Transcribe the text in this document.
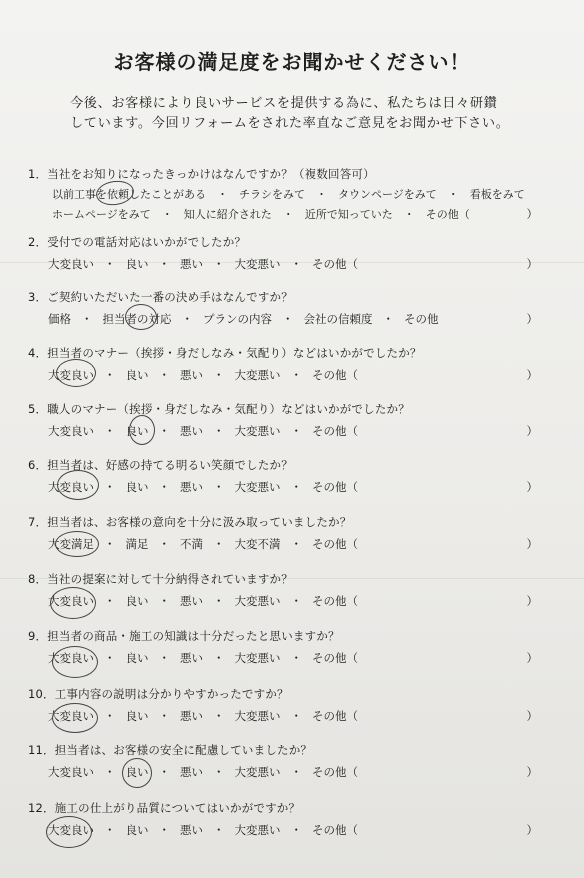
お客様の満足度をお聞かせください！
今後、お客様により良いサービスを提供する為に、私たちは日々研鑽
しています。今回リフォームをされた率直なご意見をお聞かせ下さい。
1．当社をお知りになったきっかけはなんですか？（複数回答可）
以前工事を依頼したことがある　・　チラシをみて　・　タウンページをみて　・　看板をみて
ホームページをみて　・　知人に紹介された　・　近所で知っていた　・　その他（	）
2．受付での電話対応はいかがでしたか？
大変良い ・ 良い ・ 悪い ・ 大変悪い ・ その他（	）
3．ご契約いただいた一番の決め手はなんですか？
価格 ・ 担当者の対応 ・ プランの内容 ・ 会社の信頼度 ・ その他	）
4．担当者のマナー（挨拶・身だしなみ・気配り）などはいかがでしたか？
大変良い ・ 良い ・ 悪い ・ 大変悪い ・ その他（	）
5．職人のマナー（挨拶・身だしなみ・気配り）などはいかがでしたか？
大変良い ・ 良い ・ 悪い ・ 大変悪い ・ その他（	）
6．担当者は、好感の持てる明るい笑顔でしたか？
大変良い ・ 良い ・ 悪い ・ 大変悪い ・ その他（	）
7．担当者は、お客様の意向を十分に汲み取っていましたか？
大変満足 ・ 満足 ・ 不満 ・ 大変不満 ・ その他（	）
8．当社の提案に対して十分納得されていますか？
大変良い ・ 良い ・ 悪い ・ 大変悪い ・ その他（	）
9．担当者の商品・施工の知識は十分だったと思いますか？
大変良い ・ 良い ・ 悪い ・ 大変悪い ・ その他（	）
10．工事内容の説明は分かりやすかったですか？
大変良い ・ 良い ・ 悪い ・ 大変悪い ・ その他（	）
11．担当者は、お客様の安全に配慮していましたか？
大変良い ・ 良い ・ 悪い ・ 大変悪い ・ その他（	）
12．施工の仕上がり品質についてはいかがですか？
大変良い ・ 良い ・ 悪い ・ 大変悪い ・ その他（	）
